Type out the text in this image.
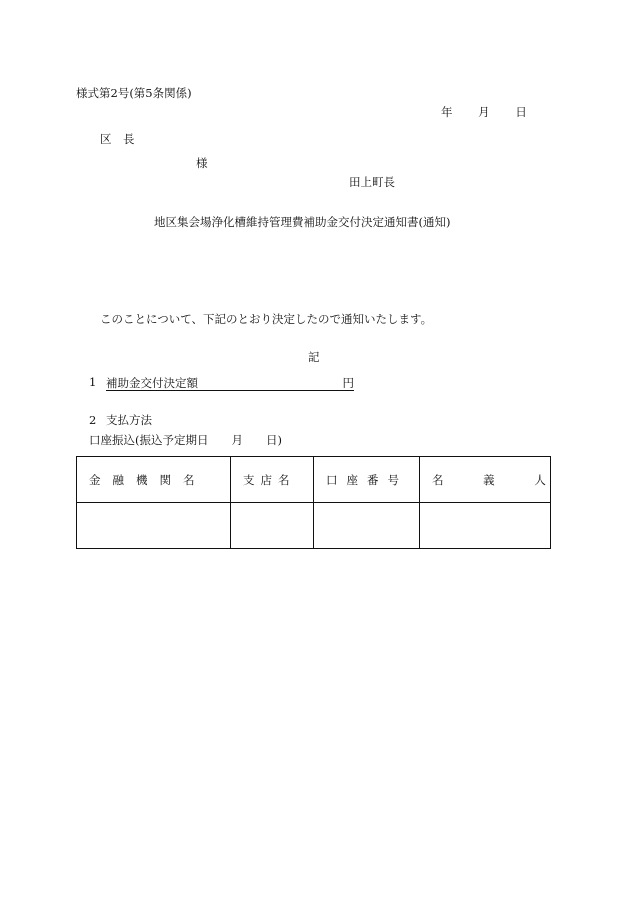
様式第2号(第5条関係)
年 月 日
区　長
様
田上町長
地区集会場浄化槽維持管理費補助金交付決定通知書(通知)
このことについて、下記のとおり決定したので通知いたします。
記
1 補助金交付決定額	円
2 支払方法
口座振込(振込予定期日　　月　　日)
金融機関名	支店名	口座番号	名 義 人
